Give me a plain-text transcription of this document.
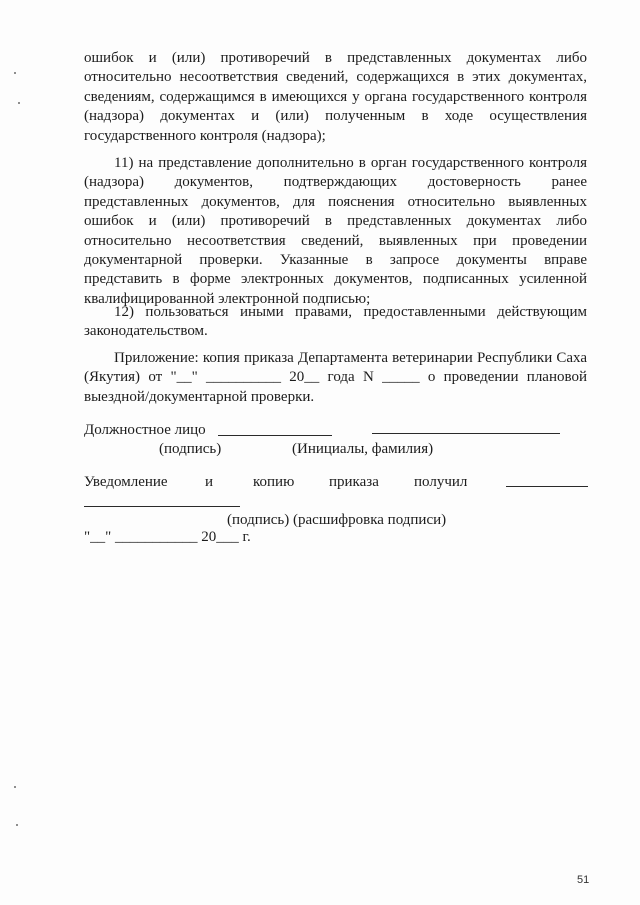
ошибок и (или) противоречий в представленных документах либо относительно несоответствия сведений, содержащихся в этих документах, сведениям, содержащимся в имеющихся у органа государственного контроля (надзора) документах и (или) полученным в ходе осуществления государственного контроля (надзора);

11) на представление дополнительно в орган государственного контроля (надзора) документов, подтверждающих достоверность ранее представленных документов, для пояснения относительно выявленных ошибок и (или) противоречий в представленных документах либо относительно несоответствия сведений, выявленных при проведении документарной проверки. Указанные в запросе документы вправе представить в форме электронных документов, подписанных усиленной квалифицированной электронной подписью;

12) пользоваться иными правами, предоставленными действующим законодательством.

Приложение: копия приказа Департамента ветеринарии Республики Саха (Якутия) от "__" __________ 20__ года N _____ о проведении плановой выездной/документарной проверки.

Должностное лицо
(подпись)	(Инициалы, фамилия)
Уведомление и	копию приказа получил
(подпись) (расшифровка подписи)
"__" ___________ 20___ г.
51
